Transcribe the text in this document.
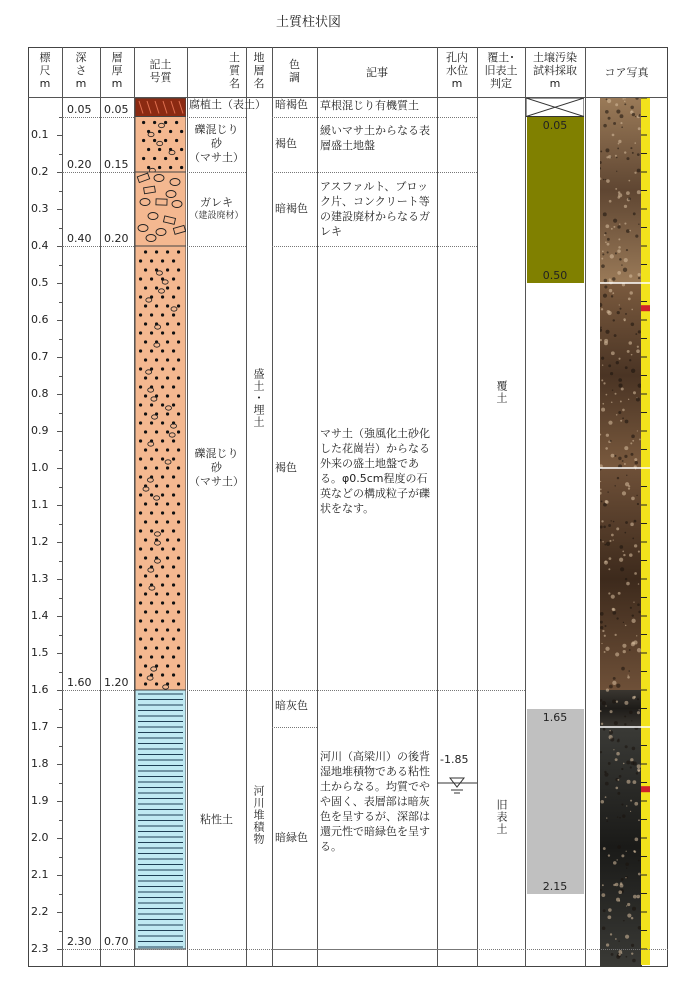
土質柱状図
標
尺
m
深
さ
m
層
厚
m
記土
号質
土
質
名
地
層
名
色
調	記事
孔内
水位
m
覆土･
旧表土
判定
土壌汚染
試料採取
m
コア写真
0.1
0.2
0.3
0.4
0.5
0.6
0.7
0.8
0.9
1.0
1.1
1.2
1.3
1.4
1.5
1.6
1.7
1.8
1.9
2.0
2.1
2.2
2.3
0.05 0.05	腐植土（表土） 暗褐色 草根混じり有機質土
0.20 0.15
礫混じり
砂
（マサ土）
褐色
緩いマサ土からなる表層盛土地盤
0.40 0.20
ガレキ
（建設廃材）
暗褐色
アスファルト、ブロック片、コンクリート等の建設廃材からなるガレキ
1.60 1.20
礫混じり
砂
（マサ土）
褐色
マサ土（強風化土砂化した花崗岩）からなる外来の盛土地盤である。φ0.5cm程度の石英などの構成粒子が礫状をなす。
2.30 0.70
粘性土
暗灰色
暗緑色
河川（高梁川）の後背湿地堆積物である粘性土からなる。均質でやや固く、表層部は暗灰色を呈するが、深部は還元性で暗緑色を呈する。
盛土・埋土
河川堆積物
覆土
旧表土
-1.85
0.05
0.50
1.65
2.15
